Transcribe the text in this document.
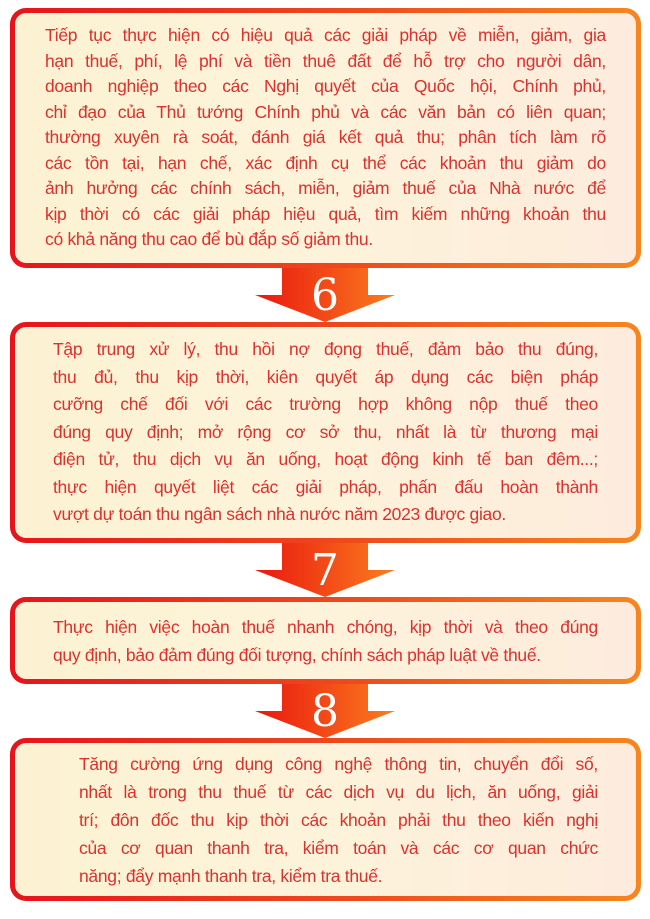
Tiếp tục thực hiện có hiệu quả các giải pháp về miễn, giảm, gia
hạn thuế, phí, lệ phí và tiền thuê đất để hỗ trợ cho người dân,
doanh nghiệp theo các Nghị quyết của Quốc hội, Chính phủ,
chỉ đạo của Thủ tướng Chính phủ và các văn bản có liên quan;
thường xuyên rà soát, đánh giá kết quả thu; phân tích làm rõ
các tồn tại, hạn chế, xác định cụ thể các khoản thu giảm do
ảnh hưởng các chính sách, miễn, giảm thuế của Nhà nước để
kịp thời có các giải pháp hiệu quả, tìm kiếm những khoản thu
có khả năng thu cao để bù đắp số giảm thu.
6
Tập trung xử lý, thu hồi nợ đọng thuế, đảm bảo thu đúng,
thu đủ, thu kịp thời, kiên quyết áp dụng các biện pháp
cưỡng chế đối với các trường hợp không nộp thuế theo
đúng quy định; mở rộng cơ sở thu, nhất là từ thương mại
điện tử, thu dịch vụ ăn uống, hoạt động kinh tế ban đêm...;
thực hiện quyết liệt các giải pháp, phấn đấu hoàn thành
vượt dự toán thu ngân sách nhà nước năm 2023 được giao.
7
Thực hiện việc hoàn thuế nhanh chóng, kịp thời và theo đúng
quy định, bảo đảm đúng đối tượng, chính sách pháp luật về thuế.
8
Tăng cường ứng dụng công nghệ thông tin, chuyển đổi số,
nhất là trong thu thuế từ các dịch vụ du lịch, ăn uống, giải
trí; đôn đốc thu kịp thời các khoản phải thu theo kiến nghị
của cơ quan thanh tra, kiểm toán và các cơ quan chức
năng; đẩy mạnh thanh tra, kiểm tra thuế.
